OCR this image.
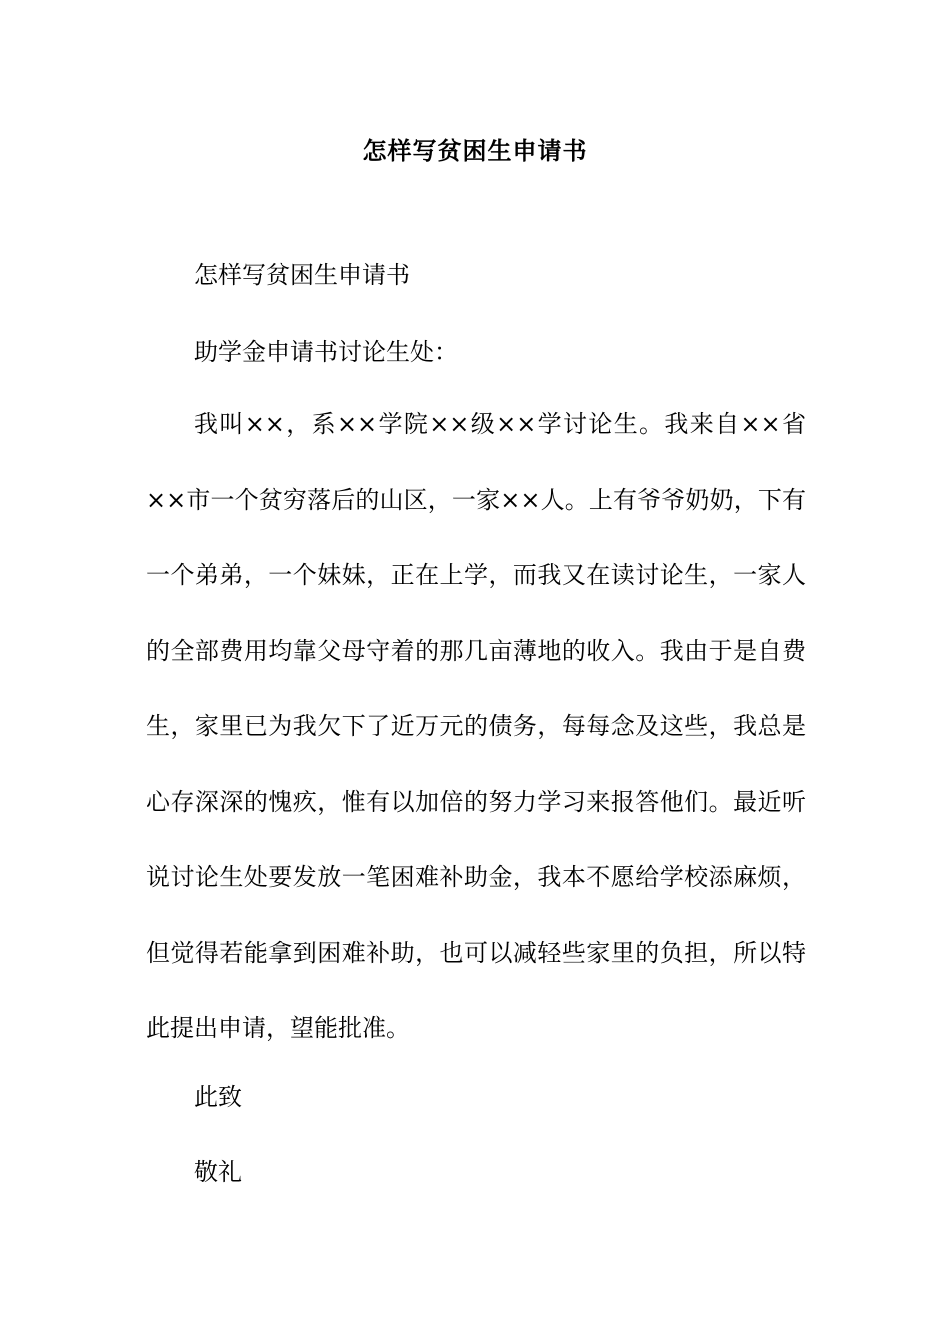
怎样写贫困生申请书

怎样写贫困生申请书

助学金申请书讨论生处：

我叫××，系××学院××级××学讨论生。我来自××省××市一个贫穷落后的山区，一家××人。上有爷爷奶奶，下有一个弟弟，一个妹妹，正在上学，而我又在读讨论生，一家人的全部费用均靠父母守着的那几亩薄地的收入。我由于是自费生，家里已为我欠下了近万元的债务，每每念及这些，我总是心存深深的愧疚，惟有以加倍的努力学习来报答他们。最近听说讨论生处要发放一笔困难补助金，我本不愿给学校添麻烦，但觉得若能拿到困难补助，也可以减轻些家里的负担，所以特此提出申请，望能批准。

此致

敬礼
